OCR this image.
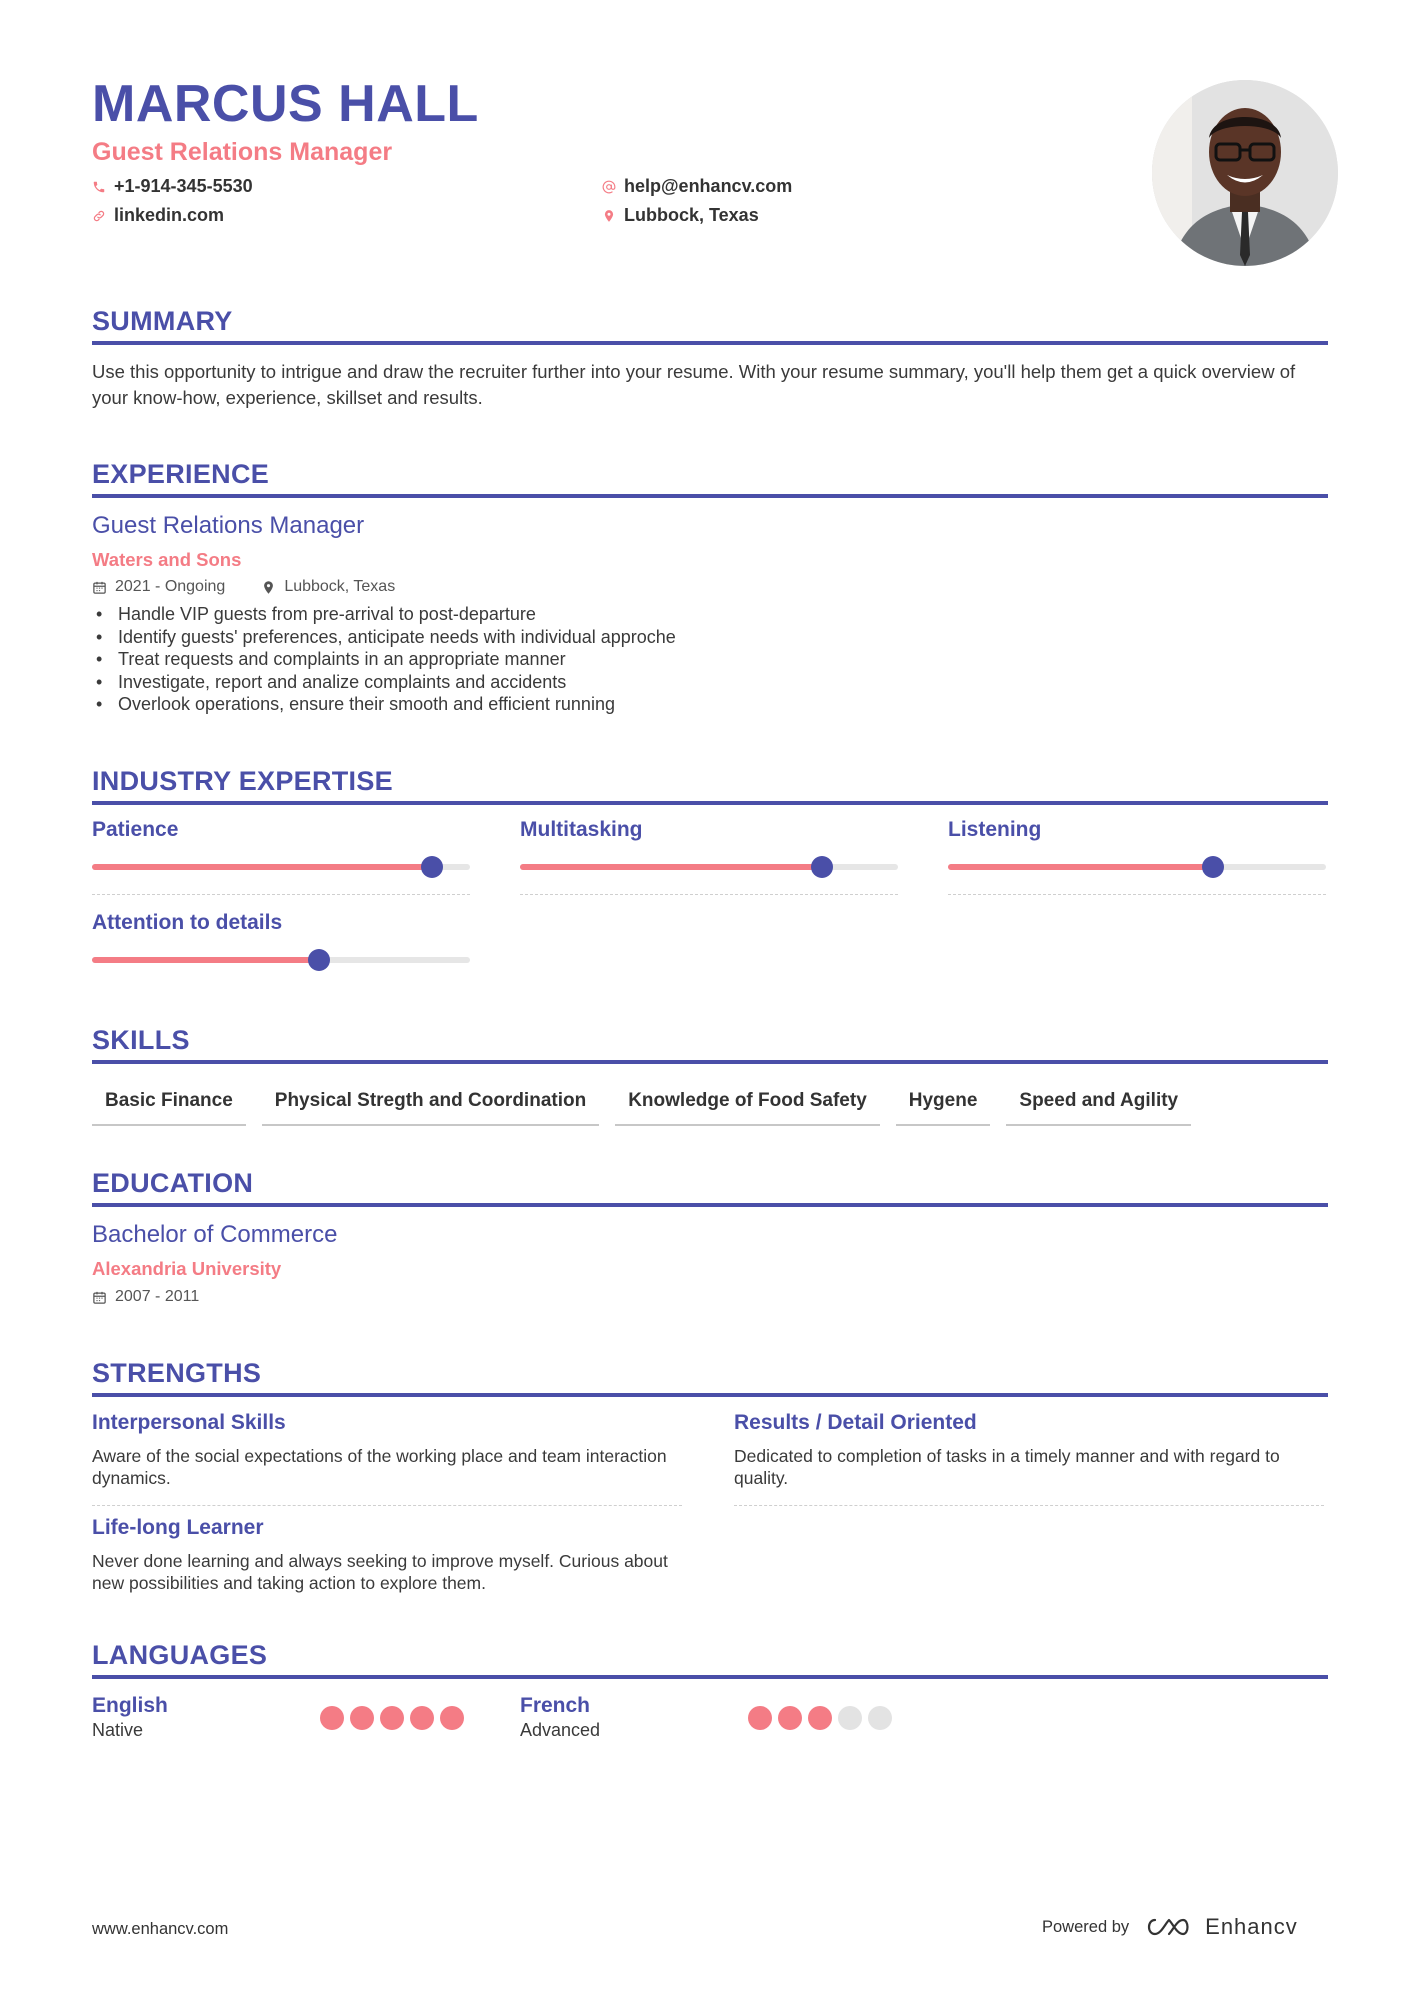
MARCUS HALL
Guest Relations Manager
+1-914-345-5530	help@enhancv.com
linkedin.com	Lubbock, Texas
SUMMARY

Use this opportunity to intrigue and draw the recruiter further into your resume. With your resume summary, you'll help them get a quick overview of your know-how, experience, skillset and results.

EXPERIENCE
Guest Relations Manager
Waters and Sons
2021 - Ongoing	Lubbock, Texas
• Handle VIP guests from pre-arrival to post-departure
• Identify guests' preferences, anticipate needs with individual approche
• Treat requests and complaints in an appropriate manner
• Investigate, report and analize complaints and accidents
• Overlook operations, ensure their smooth and efficient running
INDUSTRY EXPERTISE
Patience	Multitasking	Listening
Attention to details
SKILLS
Basic Finance	Physical Stregth and Coordination	Knowledge of Food Safety	Hygene	Speed and Agility
EDUCATION
Bachelor of Commerce
Alexandria University
2007 - 2011
STRENGTHS
Interpersonal Skills
Aware of the social expectations of the working place and team interaction dynamics.
Results / Detail Oriented
Dedicated to completion of tasks in a timely manner and with regard to quality.
Life-long Learner
Never done learning and always seeking to improve myself. Curious about new possibilities and taking action to explore them.
LANGUAGES
English
Native
French
Advanced
www.enhancv.com	Powered by	Enhancv
